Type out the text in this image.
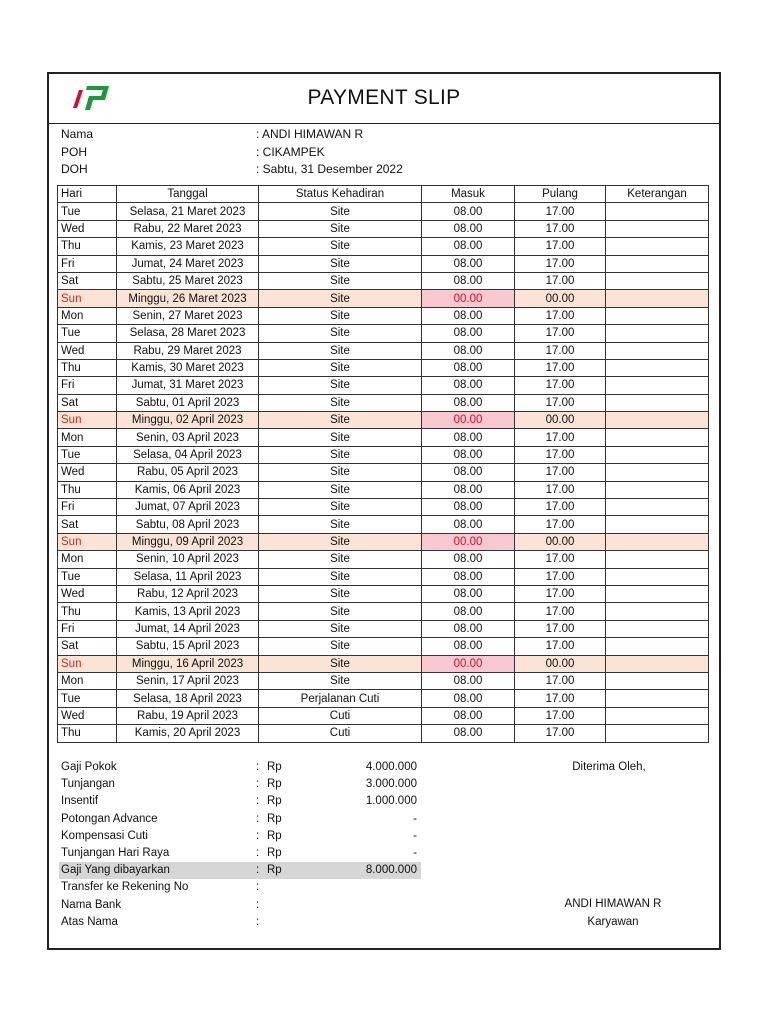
PAYMENT SLIP
Nama	: ANDI HIMAWAN R
POH	: CIKAMPEK
DOH	: Sabtu, 31 Desember 2022
Hari	Tanggal	Status Kehadiran	Masuk	Pulang	Keterangan
Tue	Selasa, 21 Maret 2023	Site	08.00	17.00	
Wed	Rabu, 22 Maret 2023	Site	08.00	17.00	
Thu	Kamis, 23 Maret 2023	Site	08.00	17.00	
Fri	Jumat, 24 Maret 2023	Site	08.00	17.00	
Sat	Sabtu, 25 Maret 2023	Site	08.00	17.00	
Sun	Minggu, 26 Maret 2023	Site	00.00	00.00	
Mon	Senin, 27 Maret 2023	Site	08.00	17.00	
Tue	Selasa, 28 Maret 2023	Site	08.00	17.00	
Wed	Rabu, 29 Maret 2023	Site	08.00	17.00	
Thu	Kamis, 30 Maret 2023	Site	08.00	17.00	
Fri	Jumat, 31 Maret 2023	Site	08.00	17.00	
Sat	Sabtu, 01 April 2023	Site	08.00	17.00	
Sun	Minggu, 02 April 2023	Site	00.00	00.00	
Mon	Senin, 03 April 2023	Site	08.00	17.00	
Tue	Selasa, 04 April 2023	Site	08.00	17.00	
Wed	Rabu, 05 April 2023	Site	08.00	17.00	
Thu	Kamis, 06 April 2023	Site	08.00	17.00	
Fri	Jumat, 07 April 2023	Site	08.00	17.00	
Sat	Sabtu, 08 April 2023	Site	08.00	17.00	
Sun	Minggu, 09 April 2023	Site	00.00	00.00	
Mon	Senin, 10 April 2023	Site	08.00	17.00	
Tue	Selasa, 11 April 2023	Site	08.00	17.00	
Wed	Rabu, 12 April 2023	Site	08.00	17.00	
Thu	Kamis, 13 April 2023	Site	08.00	17.00	
Fri	Jumat, 14 April 2023	Site	08.00	17.00	
Sat	Sabtu, 15 April 2023	Site	08.00	17.00	
Sun	Minggu, 16 April 2023	Site	00.00	00.00	
Mon	Senin, 17 April 2023	Site	08.00	17.00	
Tue	Selasa, 18 April 2023	Perjalanan Cuti	08.00	17.00	
Wed	Rabu, 19 April 2023	Cuti	08.00	17.00	
Thu	Kamis, 20 April 2023	Cuti	08.00	17.00	
Gaji Pokok	: Rp	4.000.000
Tunjangan	: Rp	3.000.000
Insentif	: Rp	1.000.000
Potongan Advance	: Rp	-
Kompensasi Cuti	: Rp	-
Tunjangan Hari Raya	: Rp	-
Gaji Yang dibayarkan	: Rp	8.000.000
Transfer ke Rekening No	:
Nama Bank	:
Atas Nama	:
Diterima Oleh,
ANDI HIMAWAN R
Karyawan
